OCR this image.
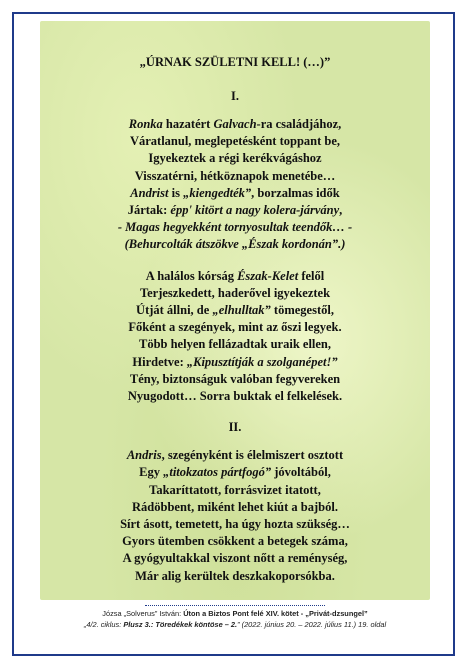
„ÚRNAK SZÜLETNI KELL! (…)”
I.
Ronka hazatért Galvach-ra családjához,
Váratlanul, meglepetésként toppant be,
Igyekeztek a régi kerékvágáshoz
Visszatérni, hétköznapok menetébe…
Andrist is „kiengedték”, borzalmas idők
Jártak: épp' kitört a nagy kolera-járvány,
- Magas hegyekként tornyosultak teendők… -
(Behurcolták átszökve „Észak kordonán”.)
A halálos kórság Észak-Kelet felől
Terjeszkedett, haderővel igyekeztek
Útját állni, de „elhulltak” tömegestől,
Főként a szegények, mint az őszi legyek.
Több helyen fellázadtak uraik ellen,
Hirdetve: „Kipusztítják a szolganépet!”
Tény, biztonságuk valóban fegyvereken
Nyugodott… Sorra buktak el felkelések.
II.
Andris, szegényként is élelmiszert osztott
Egy „titokzatos pártfogó” jóvoltából,
Takaríttatott, forrásvizet itatott,
Rádöbbent, miként lehet kiút a bajból.
Sírt ásott, temetett, ha úgy hozta szükség…
Gyors ütemben csökkent a betegek száma,
A gyógyultakkal viszont nőtt a reménység,
Már alig kerültek deszkakoporsókba.
Józsa „Solverus” István: Úton a Biztos Pont felé XIV. kötet - „Privát-dzsungel”
„4/2. ciklus: Plusz 3.: Töredékek köntöse – 2.” (2022. június 20. – 2022. július 11.) 19. oldal
